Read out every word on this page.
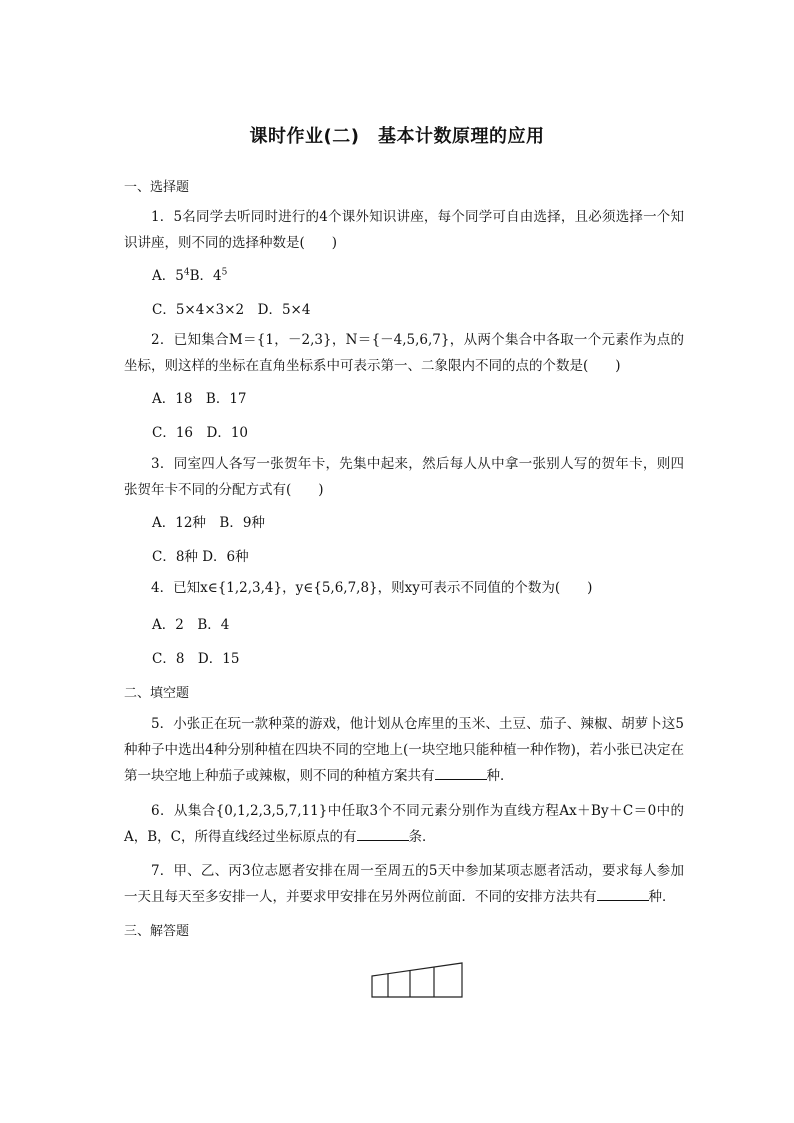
课时作业(二)　基本计数原理的应用
一、选择题
1．5名同学去听同时进行的4个课外知识讲座，每个同学可自由选择，且必须选择一个知识讲座，则不同的选择种数是(　　)
A．$5^4B$．$4^5$
C．5×4×3×2　D．5×4
2．已知集合M＝{1，－2,3}，N＝{－4,5,6,7}，从两个集合中各取一个元素作为点的坐标，则这样的坐标在直角坐标系中可表示第一、二象限内不同的点的个数是(　　)
A．18　B．17
C．16　D．10
3．同室四人各写一张贺年卡，先集中起来，然后每人从中拿一张别人写的贺年卡，则四张贺年卡不同的分配方式有(　　)
A．12种　B．9种
C．8种 D．6种
4．已知x∈{1,2,3,4}，y∈{5,6,7,8}，则xy可表示不同值的个数为(　　)
A．2　B．4
C．8　D．15
二、填空题
5．小张正在玩一款种菜的游戏，他计划从仓库里的玉米、土豆、茄子、辣椒、胡萝卜这5种种子中选出4种分别种植在四块不同的空地上(一块空地只能种植一种作物)，若小张已决定在第一块空地上种茄子或辣椒，则不同的种植方案共有	种．
6．从集合{0,1,2,3,5,7,11}中任取3个不同元素分别作为直线方程Ax＋By＋C＝0中的A，B，C，所得直线经过坐标原点的有	条．
7．甲、乙、丙3位志愿者安排在周一至周五的5天中参加某项志愿者活动，要求每人参加一天且每天至多安排一人，并要求甲安排在另外两位前面．不同的安排方法共有	种．
三、解答题
